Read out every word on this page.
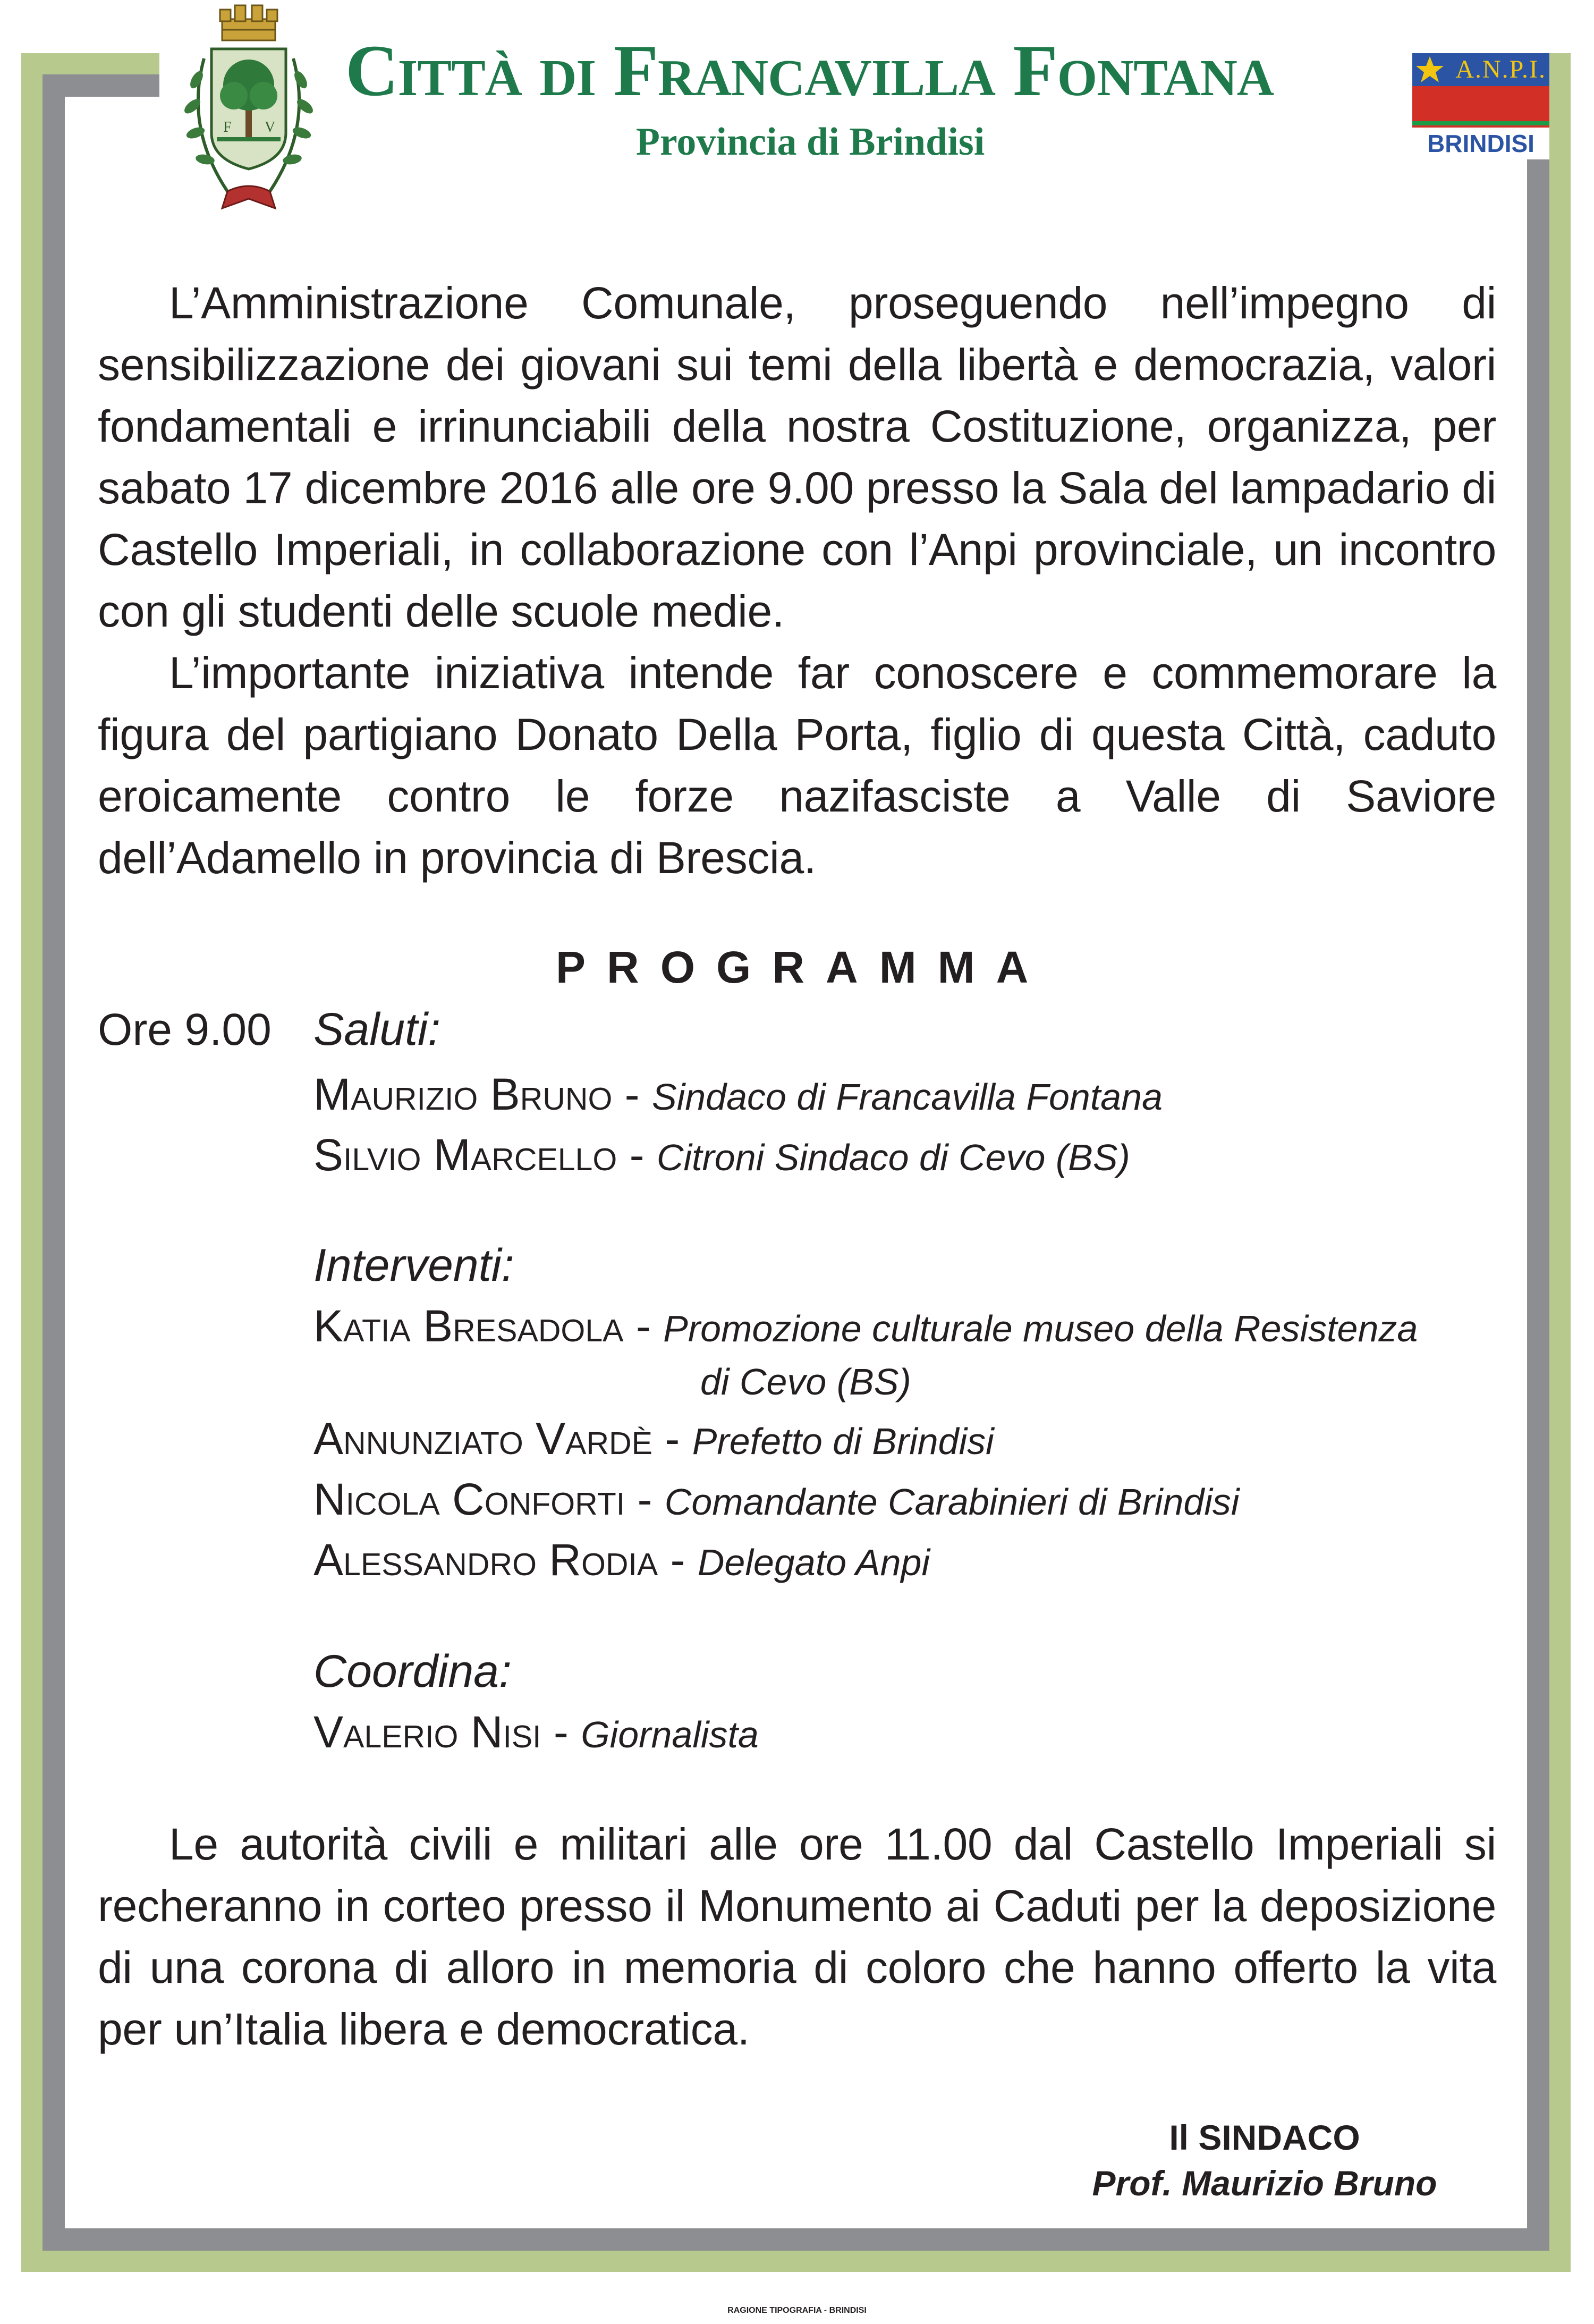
F V
Città di Francavilla Fontana
Provincia di Brindisi
A.N.P.I.
BRINDISI

L’Amministrazione Comunale, proseguendo nell’impegno di sensibilizzazione dei giovani sui temi della libertà e democrazia, valori fondamentali e irrinunciabili della nostra Costituzione, organizza, per sabato 17 dicembre 2016 alle ore 9.00 presso la Sala del lampadario di Castello Imperiali, in collaborazione con l’Anpi provinciale, un incontro con gli studenti delle scuole medie.

L’importante iniziativa intende far conoscere e commemorare la figura del partigiano Donato Della Porta, figlio di questa Città, caduto eroicamente contro le forze nazifasciste a Valle di Saviore dell’Adamello in provincia di Brescia.

PROGRAMMA
Ore 9.00 Saluti:
Maurizio Bruno - Sindaco di Francavilla Fontana
Silvio Marcello - Citroni Sindaco di Cevo (BS)
Interventi:
Katia Bresadola - Promozione culturale museo della Resistenza
di Cevo (BS)
Annunziato Vardè - Prefetto di Brindisi
Nicola Conforti - Comandante Carabinieri di Brindisi
Alessandro Rodia - Delegato Anpi
Coordina:
Valerio Nisi - Giornalista

Le autorità civili e militari alle ore 11.00 dal Castello Imperiali si recheranno in corteo presso il Monumento ai Caduti per la deposizione di una corona di alloro in memoria di coloro che hanno offerto la vita per un’Italia libera e democratica.

Il SINDACO
Prof. Maurizio Bruno
RAGIONE TIPOGRAFIA - BRINDISI
